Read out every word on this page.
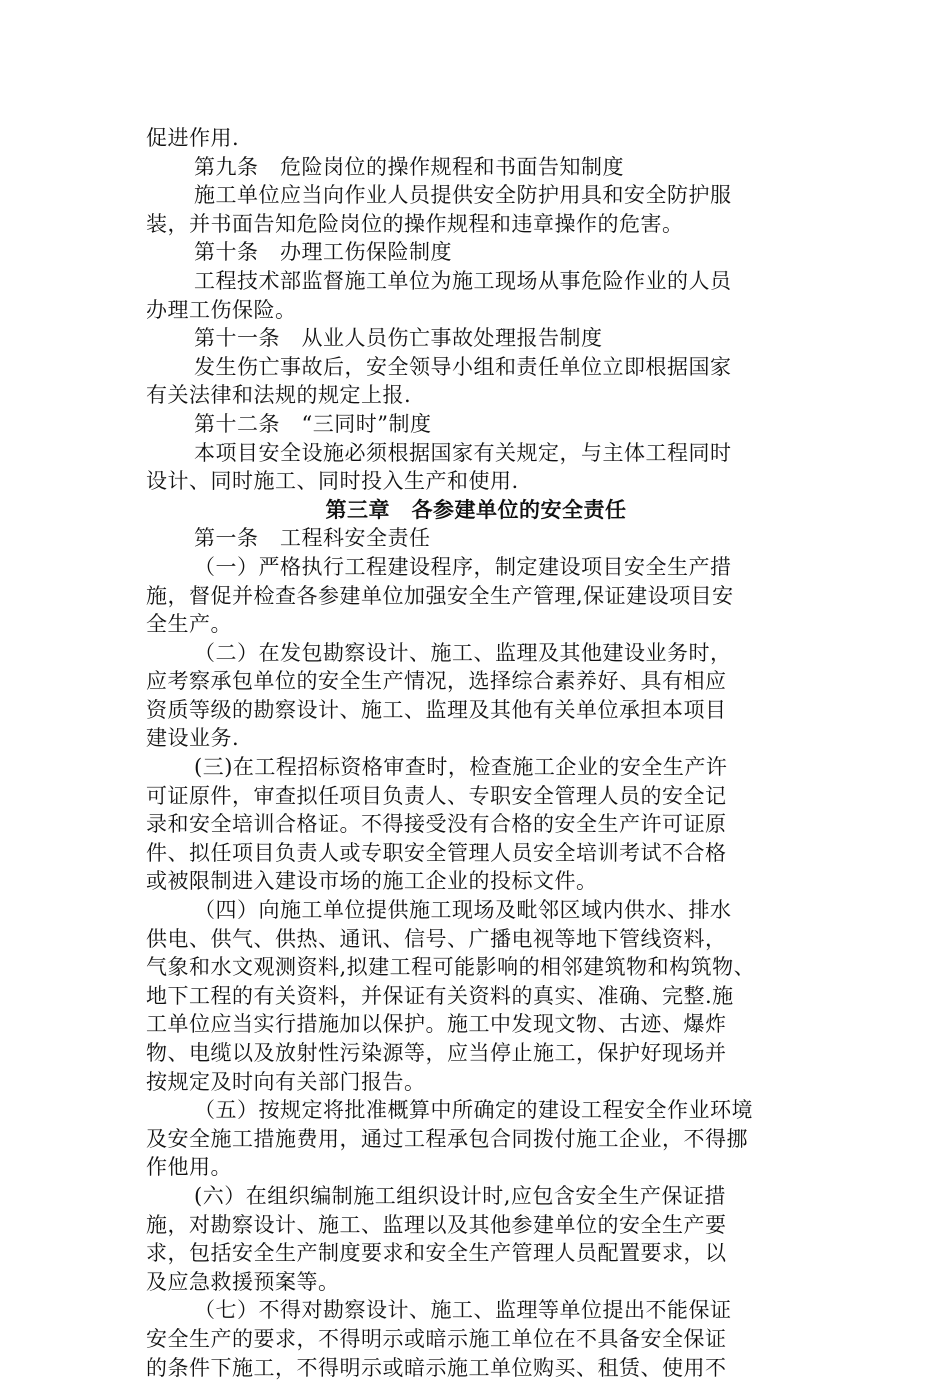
促进作用.
第九条　危险岗位的操作规程和书面告知制度
施工单位应当向作业人员提供安全防护用具和安全防护服
装，并书面告知危险岗位的操作规程和违章操作的危害。
第十条　办理工伤保险制度
工程技术部监督施工单位为施工现场从事危险作业的人员
办理工伤保险。
第十一条　从业人员伤亡事故处理报告制度
发生伤亡事故后，安全领导小组和责任单位立即根据国家
有关法律和法规的规定上报.
第十二条　“三同时”制度
本项目安全设施必须根据国家有关规定，与主体工程同时
设计、同时施工、同时投入生产和使用.
第三章　各参建单位的安全责任
第一条　工程科安全责任
（一）严格执行工程建设程序，制定建设项目安全生产措
施，督促并检查各参建单位加强安全生产管理,保证建设项目安
全生产。
（二）在发包勘察设计、施工、监理及其他建设业务时，
应考察承包单位的安全生产情况，选择综合素养好、具有相应
资质等级的勘察设计、施工、监理及其他有关单位承担本项目
建设业务.
(三)在工程招标资格审查时，检查施工企业的安全生产许
可证原件，审查拟任项目负责人、专职安全管理人员的安全记
录和安全培训合格证。不得接受没有合格的安全生产许可证原
件、拟任项目负责人或专职安全管理人员安全培训考试不合格
或被限制进入建设市场的施工企业的投标文件。
（四）向施工单位提供施工现场及毗邻区域内供水、排水
供电、供气、供热、通讯、信号、广播电视等地下管线资料，
气象和水文观测资料,拟建工程可能影响的相邻建筑物和构筑物、
地下工程的有关资料，并保证有关资料的真实、准确、完整.施
工单位应当实行措施加以保护。施工中发现文物、古迹、爆炸
物、电缆以及放射性污染源等，应当停止施工，保护好现场并
按规定及时向有关部门报告。
（五）按规定将批准概算中所确定的建设工程安全作业环境
及安全施工措施费用，通过工程承包合同拨付施工企业，不得挪
作他用。
(六）在组织编制施工组织设计时,应包含安全生产保证措
施，对勘察设计、施工、监理以及其他参建单位的安全生产要
求，包括安全生产制度要求和安全生产管理人员配置要求，以
及应急救援预案等。
（七）不得对勘察设计、施工、监理等单位提出不能保证
安全生产的要求，不得明示或暗示施工单位在不具备安全保证
的条件下施工，不得明示或暗示施工单位购买、租赁、使用不
